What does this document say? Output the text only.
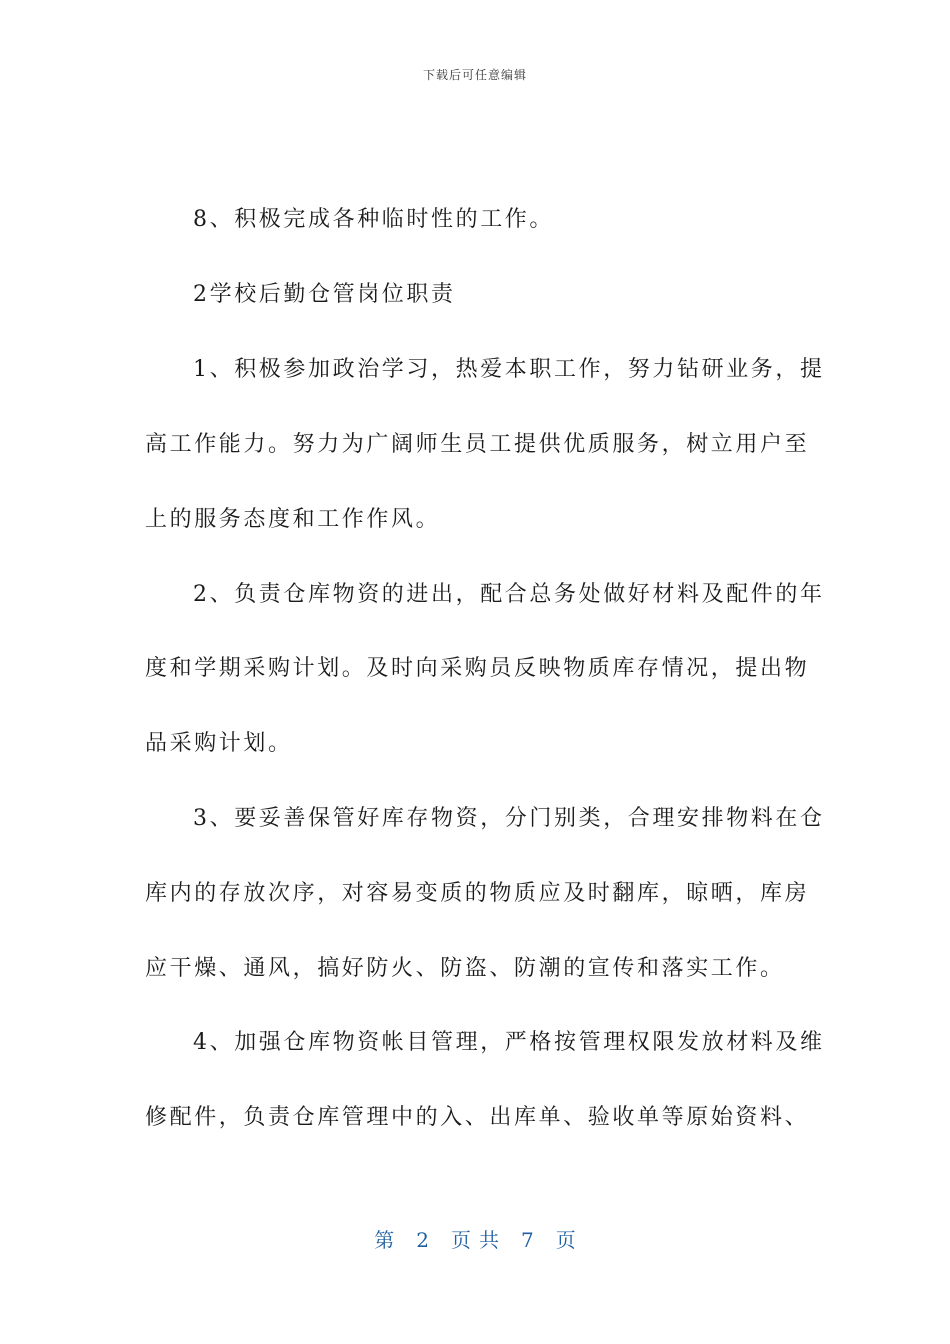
下载后可任意编辑
8、积极完成各种临时性的工作。
2学校后勤仓管岗位职责
1、积极参加政治学习，热爱本职工作，努力钻研业务，提
高工作能力。努力为广阔师生员工提供优质服务，树立用户至
上的服务态度和工作作风。
2、负责仓库物资的进出，配合总务处做好材料及配件的年
度和学期采购计划。及时向采购员反映物质库存情况，提出物
品采购计划。
3、要妥善保管好库存物资，分门别类，合理安排物料在仓
库内的存放次序，对容易变质的物质应及时翻库，晾晒，库房
应干燥、通风，搞好防火、防盗、防潮的宣传和落实工作。
4、加强仓库物资帐目管理，严格按管理权限发放材料及维
修配件，负责仓库管理中的入、出库单、验收单等原始资料、
第 2 页共 7 页
